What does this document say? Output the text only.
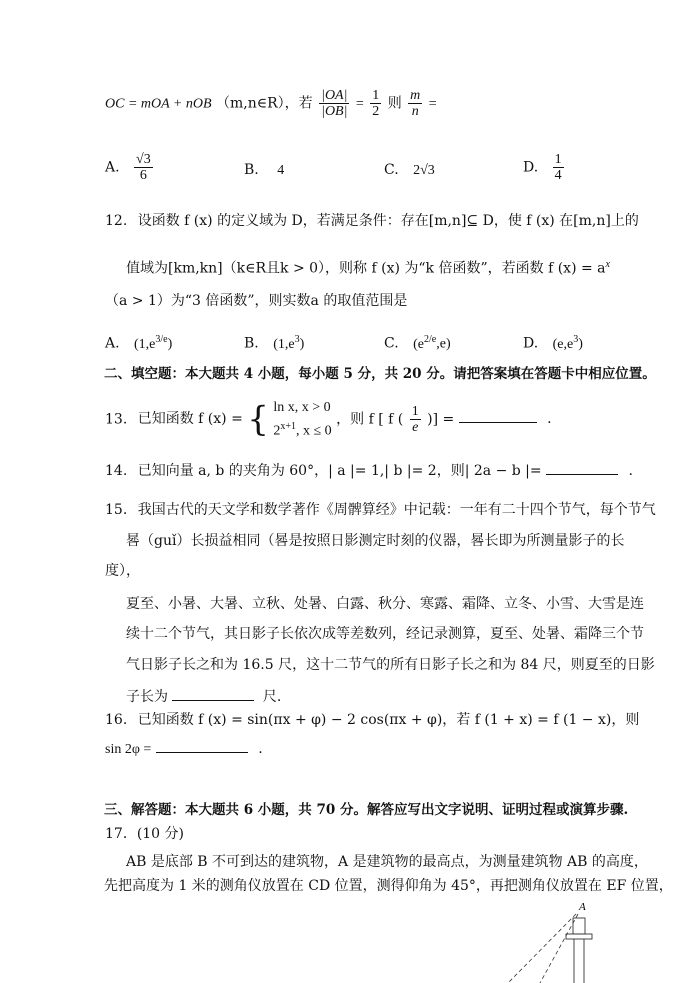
OC = mOA + nOB （m,n∈R），若 $\frac{|OA|}{|OB|} = \frac{1}{2}$ 则 $\frac{m}{n}$ =
A. $\frac{√3}{6}$	B. 4	C. 2√3	D. $\frac{1}{4}$
12. 设函数 f (x) 的定义域为 D，若满足条件：存在[m,n]⊆ D，使 f (x) 在[m,n]上的
值域为[km,kn]（k∈R且k > 0），则称 f (x) 为“k 倍函数”，若函数 f $(x) = a^x$
（a > 1）为“3 倍函数”，则实数a 的取值范围是
A. $(1,e^{3/e})$	B. $(1,e^3)$	C. $(e^{2/e},e)$	D. $(e,e^3)$
二、填空题：本大题共 4 小题，每小题 5 分，共 20 分。请把答案填在答题卡中相应位置。
13. 已知函数 f (x) = { ln x, x > 0
$2^{x+1}$, x ≤ 0
，则 f [ f ( $\frac{1}{e}$ )] =	.
14. 已知向量 a, b 的夹角为 60°，| a |= 1,| b |= 2，则| 2a − b |=	.
15. 我国古代的天文学和数学著作《周髀算经》中记载：一年有二十四个节气，每个节气
晷（guǐ）长损益相同（晷是按照日影测定时刻的仪器，晷长即为所测量影子的长
度），
夏至、小暑、大暑、立秋、处暑、白露、秋分、寒露、霜降、立冬、小雪、大雪是连
续十二个节气，其日影子长依次成等差数列，经记录测算，夏至、处暑、霜降三个节
气日影子长之和为 16.5 尺，这十二节气的所有日影子长之和为 84 尺，则夏至的日影
子长为	尺.
16. 已知函数 f (x) = sin(πx + φ) − 2 cos(πx + φ)，若 f (1 + x) = f (1 − x)，则
sin 2φ =	.
三、解答题：本大题共 6 小题，共 70 分。解答应写出文字说明、证明过程或演算步骤.
17．(10 分)
AB 是底部 B 不可到达的建筑物，A 是建筑物的最高点，为测量建筑物 AB 的高度，
先把高度为 1 米的测角仪放置在 CD 位置，测得仰角为 45°，再把测角仪放置在 EF 位置，
A
